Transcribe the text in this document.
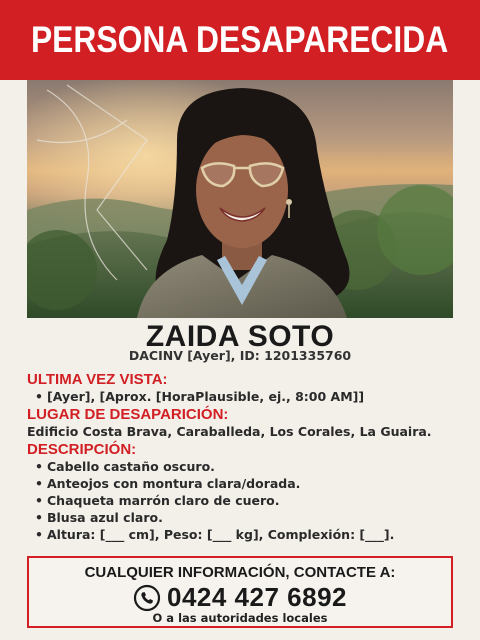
PERSONA DESAPARECIDA
ZAIDA SOTO
DACINV [Ayer], ID: 1201335760
ULTIMA VEZ VISTA:
• [Ayer], [Aprox. [HoraPlausible, ej., 8:00 AM]]
LUGAR DE DESAPARICIÓN:
Edificio Costa Brava, Caraballeda, Los Corales, La Guaira.
DESCRIPCIÓN:
• Cabello castaño oscuro.
• Anteojos con montura clara/dorada.
• Chaqueta marrón claro de cuero.
• Blusa azul claro.
• Altura: [___ cm], Peso: [___ kg], Complexión: [___].
CUALQUIER INFORMACIÓN, CONTACTE A:
0424 427 6892
O a las autoridades locales
